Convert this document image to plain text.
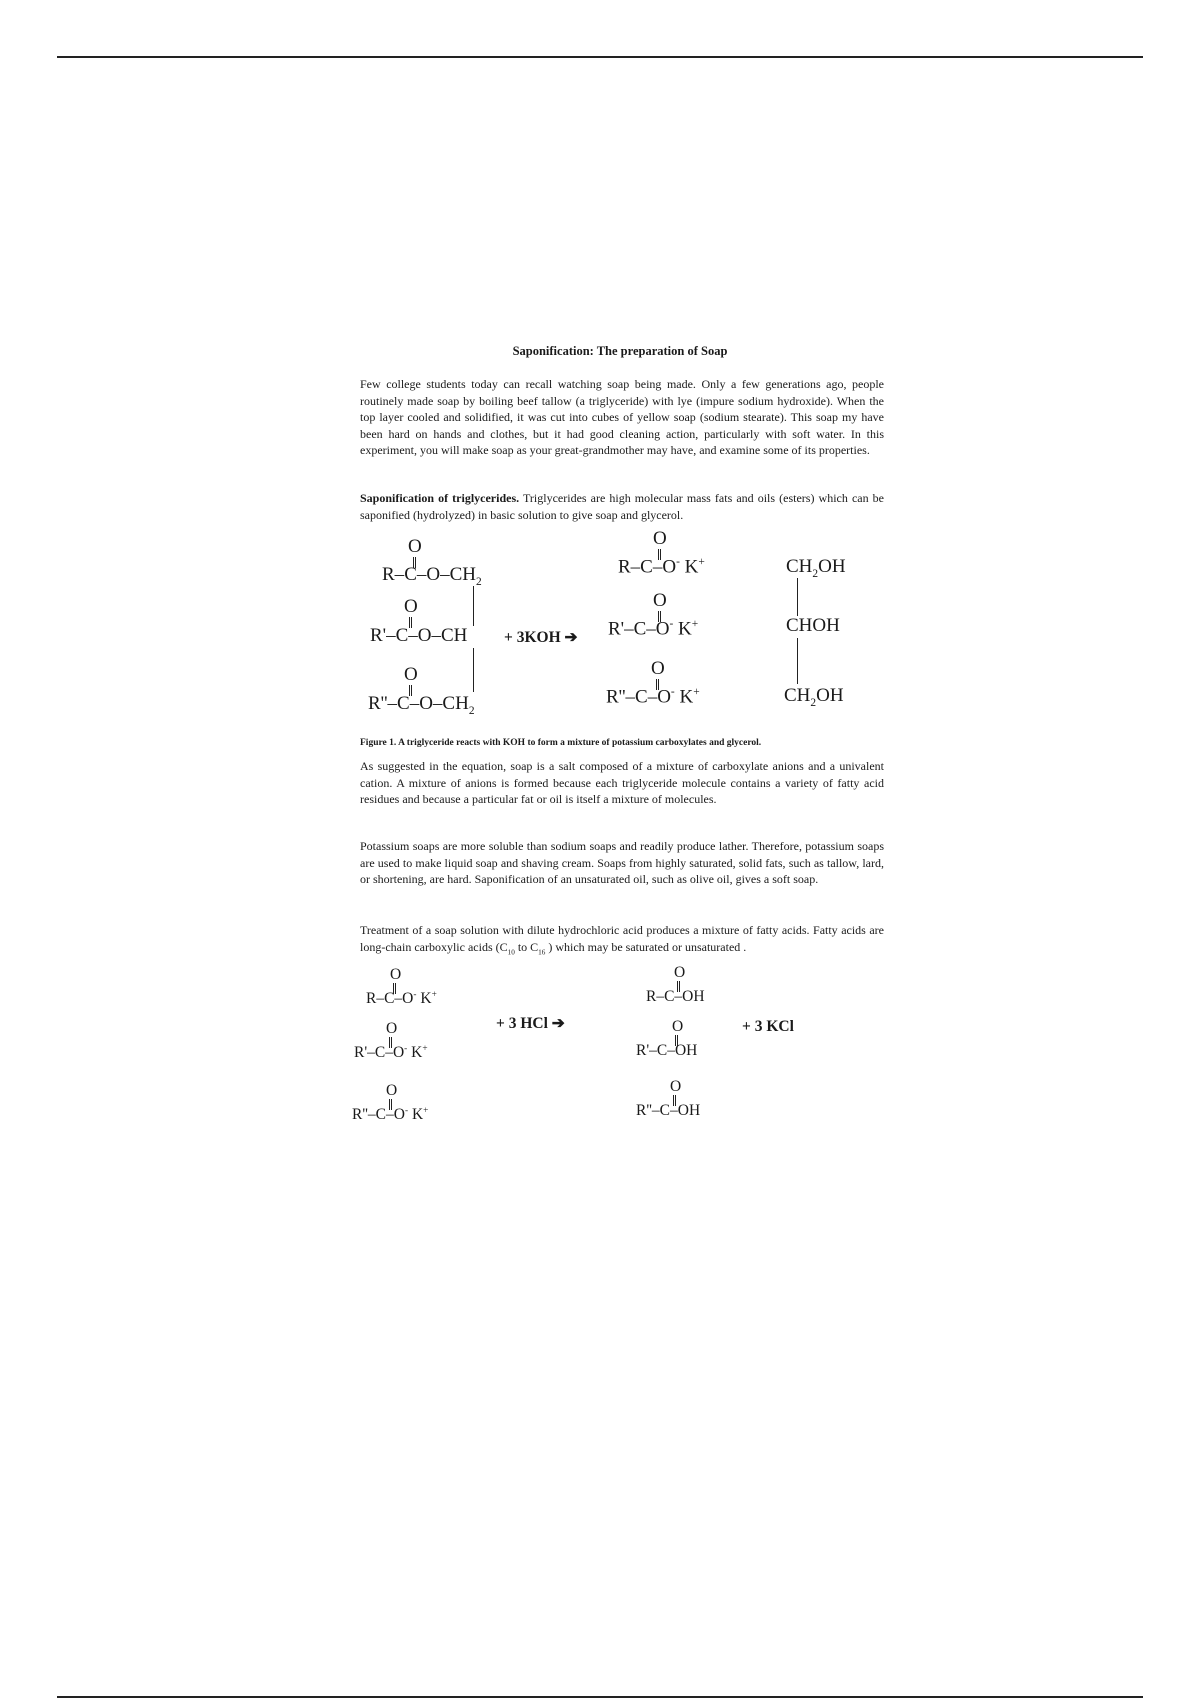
Saponification: The preparation of Soap
Few college students today can recall watching soap being made. Only a few generations ago, people routinely made soap by boiling beef tallow (a triglyceride) with lye (impure sodium hydroxide). When the top layer cooled and solidified, it was cut into cubes of yellow soap (sodium stearate). This soap my have been hard on hands and clothes, but it had good cleaning action, particularly with soft water. In this experiment, you will make soap as your great-grandmother may have, and examine some of its properties.
Saponification of triglycerides. Triglycerides are high molecular mass fats and oils (esters) which can be saponified (hydrolyzed) in basic solution to give soap and glycerol.
O
O
O
$R-C-O-CH_2$
R'–C–O–CH
$R''-C-O-CH_2$
+ 3KOH ➔
O
R–C–O- K+
O
R'–C–O- K+
O
R''–C–O- K+
$CH_2OH$
CHOH
$CH_2OH$
Figure 1. A triglyceride reacts with KOH to form a mixture of potassium carboxylates and glycerol.
As suggested in the equation, soap is a salt composed of a mixture of carboxylate anions and a univalent cation. A mixture of anions is formed because each triglyceride molecule contains a variety of fatty acid residues and because a particular fat or oil is itself a mixture of molecules.
Potassium soaps are more soluble than sodium soaps and readily produce lather. Therefore, potassium soaps are used to make liquid soap and shaving cream. Soaps from highly saturated, solid fats, such as tallow, lard, or shortening, are hard. Saponification of an unsaturated oil, such as olive oil, gives a soft soap.
Treatment of a soap solution with dilute hydrochloric acid produces a mixture of fatty acids. Fatty acids are long-chain carboxylic acids ($C_{10}$ to $C_{16}$ ) which may be saturated or unsaturated .
O
R–C–O- K+
O
R'–C–O- K+
O
R''–C–O- K+
+ 3 HCl ➔
O
R–C–OH
O
R'–C–OH
O
R''–C–OH
+ 3 KCl
